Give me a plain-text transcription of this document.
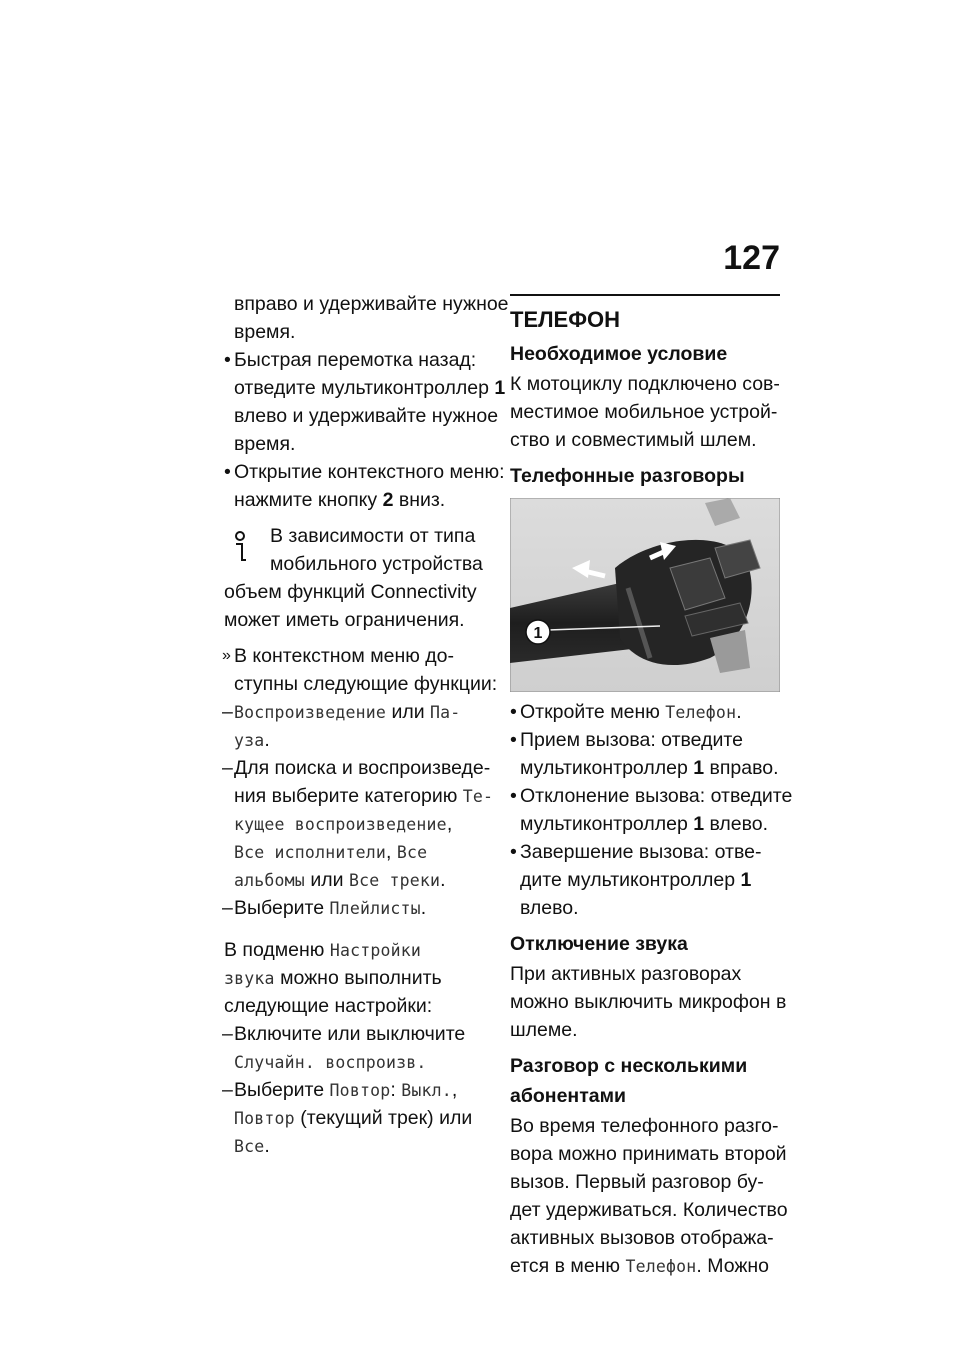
127
вправо и удерживайте нужное
время.
• Быстрая перемотка назад:
отведите мультиконтроллер 1
влево и удерживайте нужное
время.
• Открытие контекстного меню:
нажмите кнопку 2 вниз.
В зависимости от типа
мобильного устройства
объем функций Connectivity
может иметь ограничения.
» В контекстном меню до-
ступны следующие функции:
– Воспроизведение или Па-
уза.
– Для поиска и воспроизведе-
ния выберите категорию Те-
кущее воспроизведение,
Все исполнители, Все
альбомы или Все треки.
– Выберите Плейлисты.
В подменю Настройки
звука можно выполнить
следующие настройки:
– Включите или выключите
Случайн. воспроизв.
– Выберите Повтор: Выкл.,
Повтор (текущий трек) или
Все.
ТЕЛЕФОН
Необходимое условие
К мотоциклу подключено сов-
местимое мобильное устрой-
ство и совместимый шлем.
Телефонные разговоры
1
• Откройте меню Телефон.
• Прием вызова: отведите
мультиконтроллер 1 вправо.
• Отклонение вызова: отведите
мультиконтроллер 1 влево.
• Завершение вызова: отве-
дите мультиконтроллер 1
влево.
Отключение звука
При активных разговорах
можно выключить микрофон в
шлеме.
Разговор с несколькими
абонентами
Во время телефонного разго-
вора можно принимать второй
вызов. Первый разговор бу-
дет удерживаться. Количество
активных вызовов отобража-
ется в меню Телефон. Можно
